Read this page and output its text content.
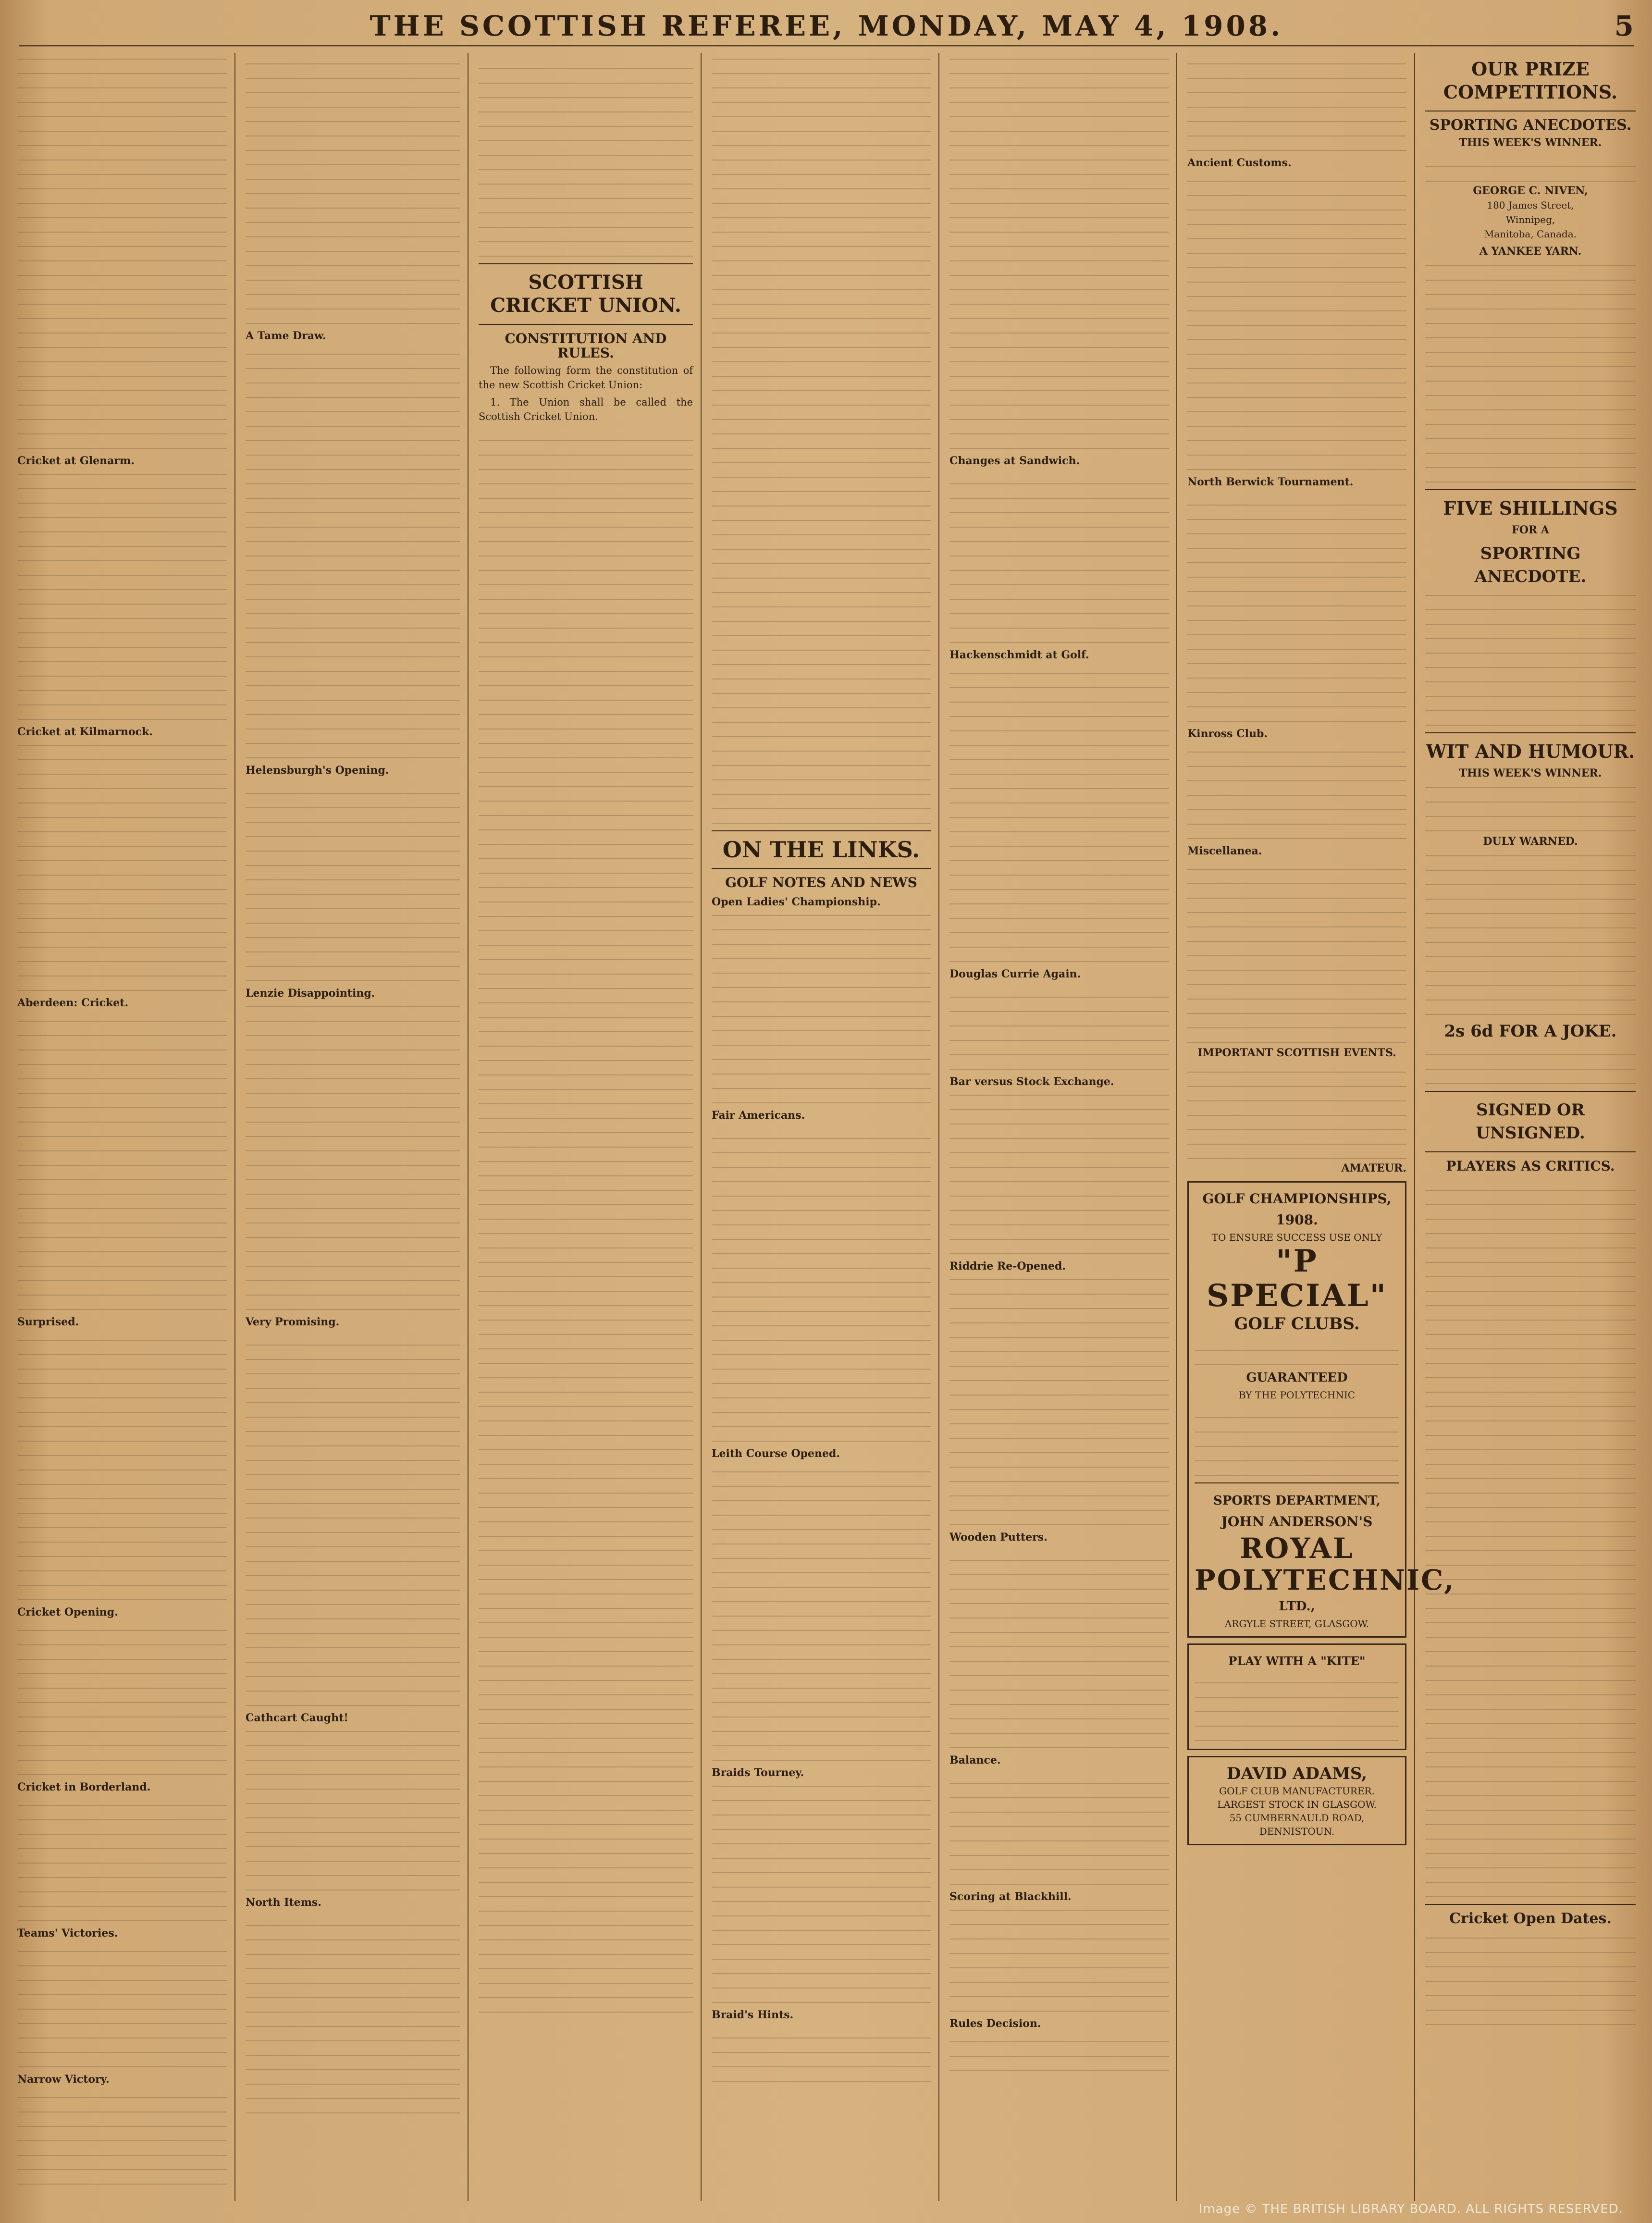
THE SCOTTISH REFEREE, MONDAY, MAY 4, 1908.	5
Cricket at Glenarm.
Cricket at Kilmarnock.
Aberdeen: Cricket.
Surprised.
Cricket Opening.
Cricket in Borderland.
Teams' Victories.
Narrow Victory.
A Tame Draw.
Helensburgh's Opening.
Lenzie Disappointing.
Very Promising.
Cathcart Caught!
North Items.
SCOTTISH CRICKET UNION.
CONSTITUTION AND RULES.

The following form the constitution of the new Scottish Cricket Union:

1. The Union shall be called the Scottish Cricket Union.

ON THE LINKS.
GOLF NOTES AND NEWS
Open Ladies' Championship.
Fair Americans.
Leith Course Opened.
Braids Tourney.
Braid's Hints.
Changes at Sandwich.
Hackenschmidt at Golf.
Douglas Currie Again.
Bar versus Stock Exchange.
Riddrie Re-Opened.
Wooden Putters.
Balance.
Scoring at Blackhill.
Rules Decision.
Ancient Customs.
North Berwick Tournament.
Kinross Club.
Miscellanea.
IMPORTANT SCOTTISH EVENTS.
AMATEUR.
GOLF CHAMPIONSHIPS, 1908.
TO ENSURE SUCCESS USE ONLY
"P SPECIAL"
GOLF CLUBS.
GUARANTEED
BY THE POLYTECHNIC
SPORTS DEPARTMENT,
JOHN ANDERSON'S
ROYAL POLYTECHNIC,
LTD.,
ARGYLE STREET, GLASGOW.
PLAY WITH A "KITE"
DAVID ADAMS,
GOLF CLUB MANUFACTURER.
LARGEST STOCK IN GLASGOW.
55 CUMBERNAULD ROAD, DENNISTOUN.
OUR PRIZE COMPETITIONS.
SPORTING ANECDOTES.
THIS WEEK'S WINNER.
GEORGE C. NIVEN,
180 James Street,
Winnipeg,
Manitoba, Canada.
A YANKEE YARN.
FIVE SHILLINGS
FOR A
SPORTING ANECDOTE.
WIT AND HUMOUR.
THIS WEEK'S WINNER.
DULY WARNED.
2s 6d FOR A JOKE.
SIGNED OR UNSIGNED.
PLAYERS AS CRITICS.
Cricket Open Dates.
Image © THE BRITISH LIBRARY BOARD. ALL RIGHTS RESERVED.
